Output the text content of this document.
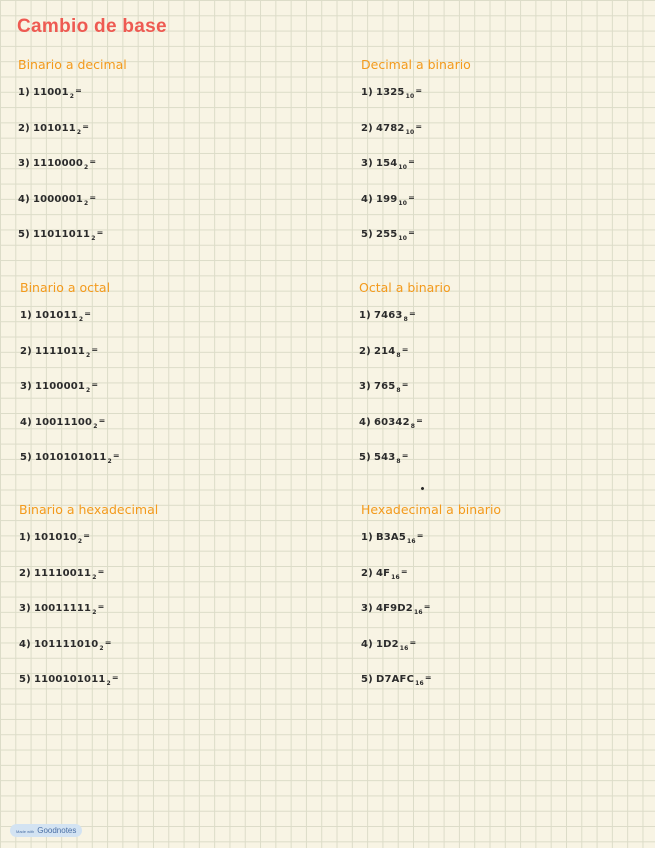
Cambio de base
Binario a decimal
1) $11001_2^=$
2) $101011_2^=$
3) $1110000_2^=$
4) $1000001_2^=$
5) $11011011_2^=$
Decimal a binario
1) $1325_{10}^=$
2) $4782_{10}^=$
3) $154_{10}^=$
4) $199_{10}^=$
5) $255_{10}^=$
Binario a octal
1) $101011_2^=$
2) $1111011_2^=$
3) $1100001_2^=$
4) $10011100_2^=$
5) $1010101011_2^=$
Octal a binario
1) $7463_8^=$
2) $214_8^=$
3) $765_8^=$
4) $60342_8^=$
5) $543_8^=$
Binario a hexadecimal
1) $101010_2^=$
2) $11110011_2^=$
3) $10011111_2^=$
4) $101111010_2^=$
5) $1100101011_2^=$
Hexadecimal a binario
1) $B3A5_{16}^=$
2) $4F_{16}^=$
3) $4F9D2_{16}^=$
4) $1D2_{16}^=$
5) $D7AFC_{16}^=$
Made with Goodnotes
